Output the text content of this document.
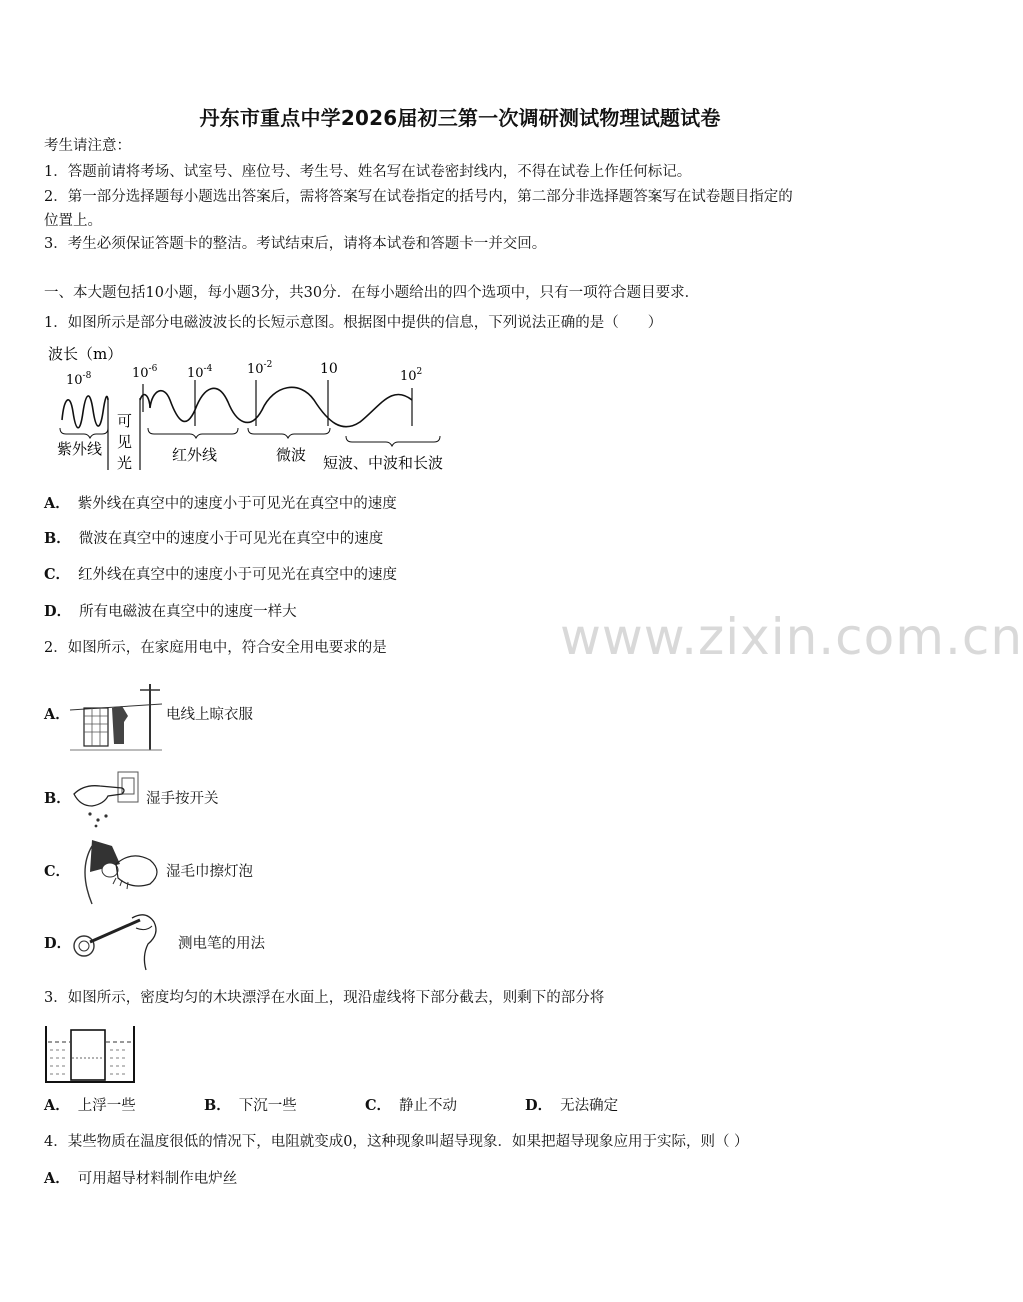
丹东市重点中学2026届初三第一次调研测试物理试题试卷
考生请注意：
1．答题前请将考场、试室号、座位号、考生号、姓名写在试卷密封线内，不得在试卷上作任何标记。
2．第一部分选择题每小题选出答案后，需将答案写在试卷指定的括号内，第二部分非选择题答案写在试卷题目指定的
位置上。
3．考生必须保证答题卡的整洁。考试结束后，请将本试卷和答题卡一并交回。
一、本大题包括10小题，每小题3分，共30分．在每小题给出的四个选项中，只有一项符合题目要求．
1．如图所示是部分电磁波波长的长短示意图。根据图中提供的信息，下列说法正确的是（　　）
波长（m）
$10^{-8}$	$10^{-6}$ $10^{-4}$	$10^{-2}$	10	$10^2$
紫外线
可
见
光	红外线	微波 短波、中波和长波
A． 紫外线在真空中的速度小于可见光在真空中的速度
B． 微波在真空中的速度小于可见光在真空中的速度
C． 红外线在真空中的速度小于可见光在真空中的速度
D． 所有电磁波在真空中的速度一样大	www.zixin.com.cn
2．如图所示，在家庭用电中，符合安全用电要求的是
A．	电线上晾衣服
B．	湿手按开关
C．	湿毛巾擦灯泡
D．	测电笔的用法
3．如图所示，密度均匀的木块漂浮在水面上，现沿虚线将下部分截去，则剩下的部分将
A． 上浮一些	B． 下沉一些	C． 静止不动	D． 无法确定
4．某些物质在温度很低的情况下，电阻就变成0，这种现象叫超导现象．如果把超导现象应用于实际，则（ ）
A． 可用超导材料制作电炉丝
